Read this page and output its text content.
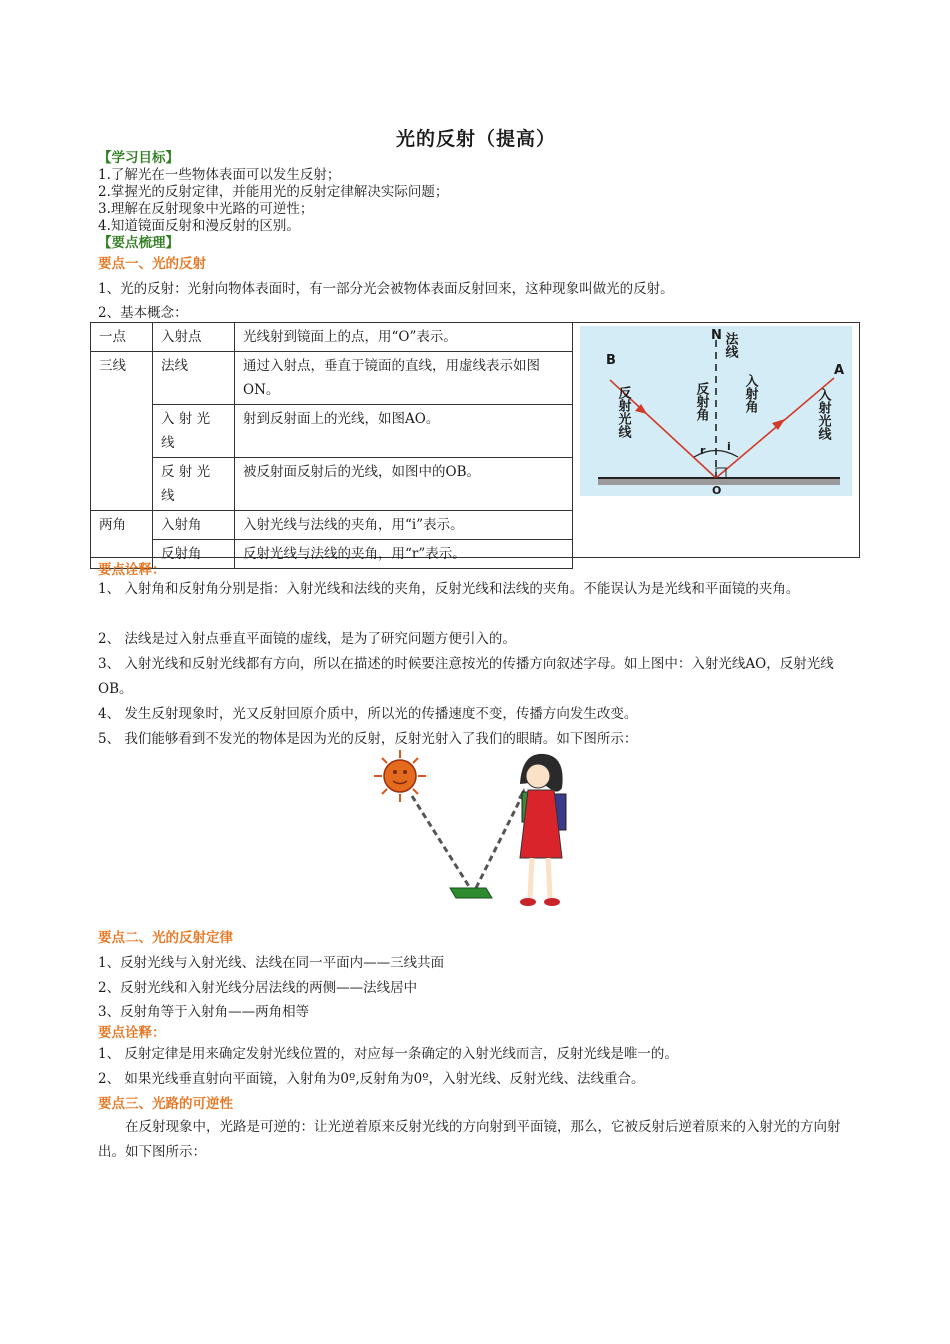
光的反射（提高）
【学习目标】
1.了解光在一些物体表面可以发生反射；
2.掌握光的反射定律，并能用光的反射定律解决实际问题；
3.理解在反射现象中光路的可逆性；
4.知道镜面反射和漫反射的区别。
【要点梳理】
要点一、光的反射
1、光的反射：光射向物体表面时，有一部分光会被物体表面反射回来，这种现象叫做光的反射。
2、基本概念：
一点	入射点	光线射到镜面上的点，用“O”表示。
三线	法线	通过入射点，垂直于镜面的直线，用虚线表示如图ON。
	入 射 光 线	射到反射面上的光线，如图AO。
	反 射 光 线	被反射面反射后的光线，如图中的OB。
两角	入射角	入射光线与法线的夹角，用“i”表示。
	反射角	反射光线与法线的夹角，用“r”表示。
N
B
A
O
r i
法线
反射光线	反射角	入射角	入射光线
要点诠释：
1、 入射角和反射角分别是指：入射光线和法线的夹角，反射光线和法线的夹角。不能误认为是光线和平面镜的夹角。
2、 法线是过入射点垂直平面镜的虚线，是为了研究问题方便引入的。
3、 入射光线和反射光线都有方向，所以在描述的时候要注意按光的传播方向叙述字母。如上图中：入射光线AO，反射光线OB。
4、 发生反射现象时，光又反射回原介质中，所以光的传播速度不变，传播方向发生改变。
5、 我们能够看到不发光的物体是因为光的反射，反射光射入了我们的眼睛。如下图所示：
要点二、光的反射定律
1、反射光线与入射光线、法线在同一平面内——三线共面
2、反射光线和入射光线分居法线的两侧——法线居中
3、反射角等于入射角——两角相等
要点诠释：
1、 反射定律是用来确定发射光线位置的，对应每一条确定的入射光线而言，反射光线是唯一的。
2、 如果光线垂直射向平面镜，入射角为0º,反射角为0º，入射光线、反射光线、法线重合。
要点三、光路的可逆性
在反射现象中，光路是可逆的：让光逆着原来反射光线的方向射到平面镜，那么，它被反射后逆着原来的入射光的方向射出。如下图所示：
